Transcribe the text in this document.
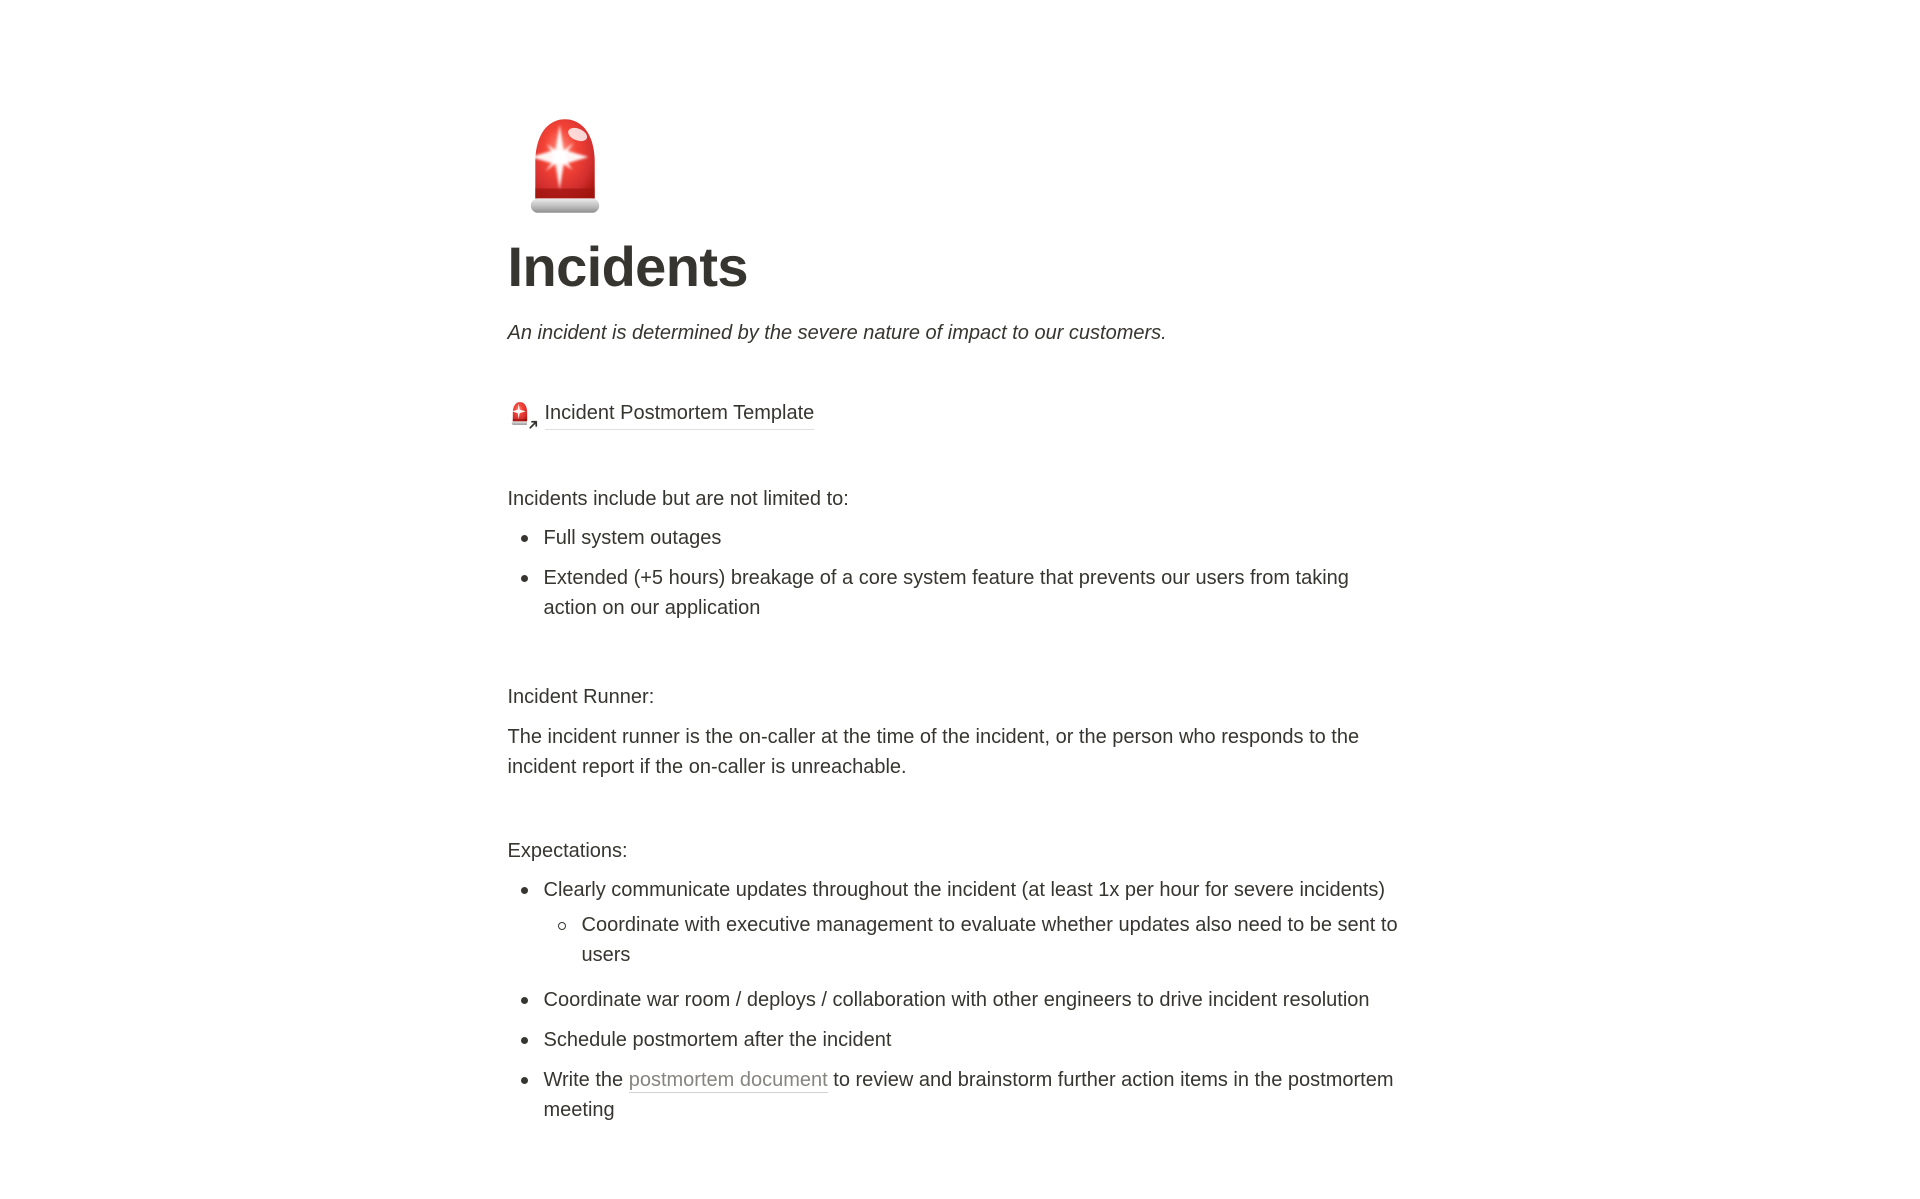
Incidents
An incident is determined by the severe nature of impact to our customers.
Incident Postmortem Template
Incidents include but are not limited to:
Full system outages
Extended (+5 hours) breakage of a core system feature that prevents our users from taking action on our application
Incident Runner:
The incident runner is the on-caller at the time of the incident, or the person who responds to the incident report if the on-caller is unreachable.
Expectations:
Clearly communicate updates throughout the incident (at least 1x per hour for severe incidents)
Coordinate with executive management to evaluate whether updates also need to be sent to users
Coordinate war room / deploys / collaboration with other engineers to drive incident resolution
Schedule postmortem after the incident
Write the postmortem document to review and brainstorm further action items in the postmortem meeting
